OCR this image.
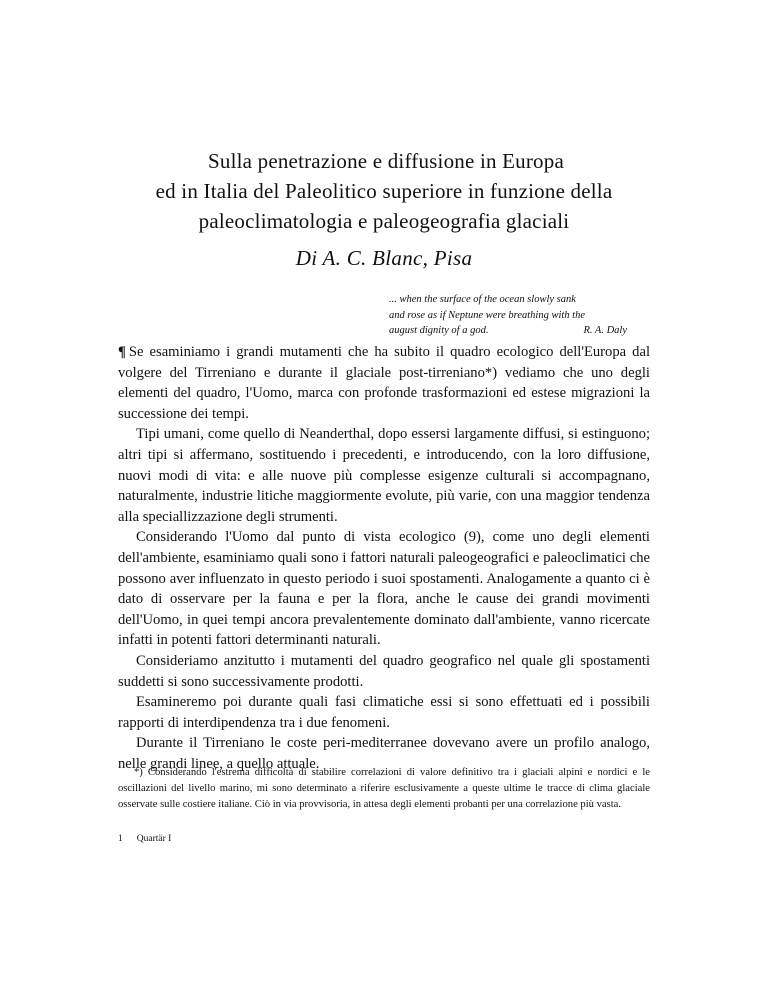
Sulla penetrazione e diffusione in Europa
ed in Italia del Paleolitico superiore in funzione della
paleoclimatologia e paleogeografia glaciali
Di A. C. Blanc, Pisa
... when the surface of the ocean slowly sank
and rose as if Neptune were breathing with the
august dignity of a god.	R. A. Daly

¶ Se esaminiamo i grandi mutamenti che ha subito il quadro ecologico dell'Europa dal volgere del Tirreniano e durante il glaciale post-tirreniano*) vediamo che uno degli elementi del quadro, l'Uomo, marca con profonde trasformazioni ed estese migrazioni la successione dei tempi.

Tipi umani, come quello di Neanderthal, dopo essersi largamente diffusi, si estinguono; altri tipi si affermano, sostituendo i precedenti, e introducendo, con la loro diffusione, nuovi modi di vita: e alle nuove più complesse esigenze culturali si accompagnano, naturalmente, industrie litiche maggiormente evolute, più varie, con una maggior tendenza alla speciallizzazione degli strumenti.

Considerando l'Uomo dal punto di vista ecologico (9), come uno degli elementi dell'ambiente, esaminiamo quali sono i fattori naturali paleogeografici e paleoclimatici che possono aver influenzato in questo periodo i suoi spostamenti. Analogamente a quanto ci è dato di osservare per la fauna e per la flora, anche le cause dei grandi movimenti dell'Uomo, in quei tempi ancora prevalentemente dominato dall'ambiente, vanno ricercate infatti in potenti fattori determinanti naturali.

Consideriamo anzitutto i mutamenti del quadro geografico nel quale gli spostamenti suddetti si sono successivamente prodotti.

Esamineremo poi durante quali fasi climatiche essi si sono effettuati ed i possibili rapporti di interdipendenza tra i due fenomeni.

Durante il Tirreniano le coste peri-mediterranee dovevano avere un profilo analogo, nelle grandi linee, a quello attuale.

*) Considerando l'estrema difficoltà di stabilire correlazioni di valore definitivo tra i glaciali alpini e nordici e le oscillazioni del livello marino, mi sono determinato a riferire esclusivamente a queste ultime le tracce di clima glaciale osservate sulle costiere italiane. Ciò in via provvisoria, in attesa degli elementi probanti per una correlazione più vasta.
1 Quartär I
